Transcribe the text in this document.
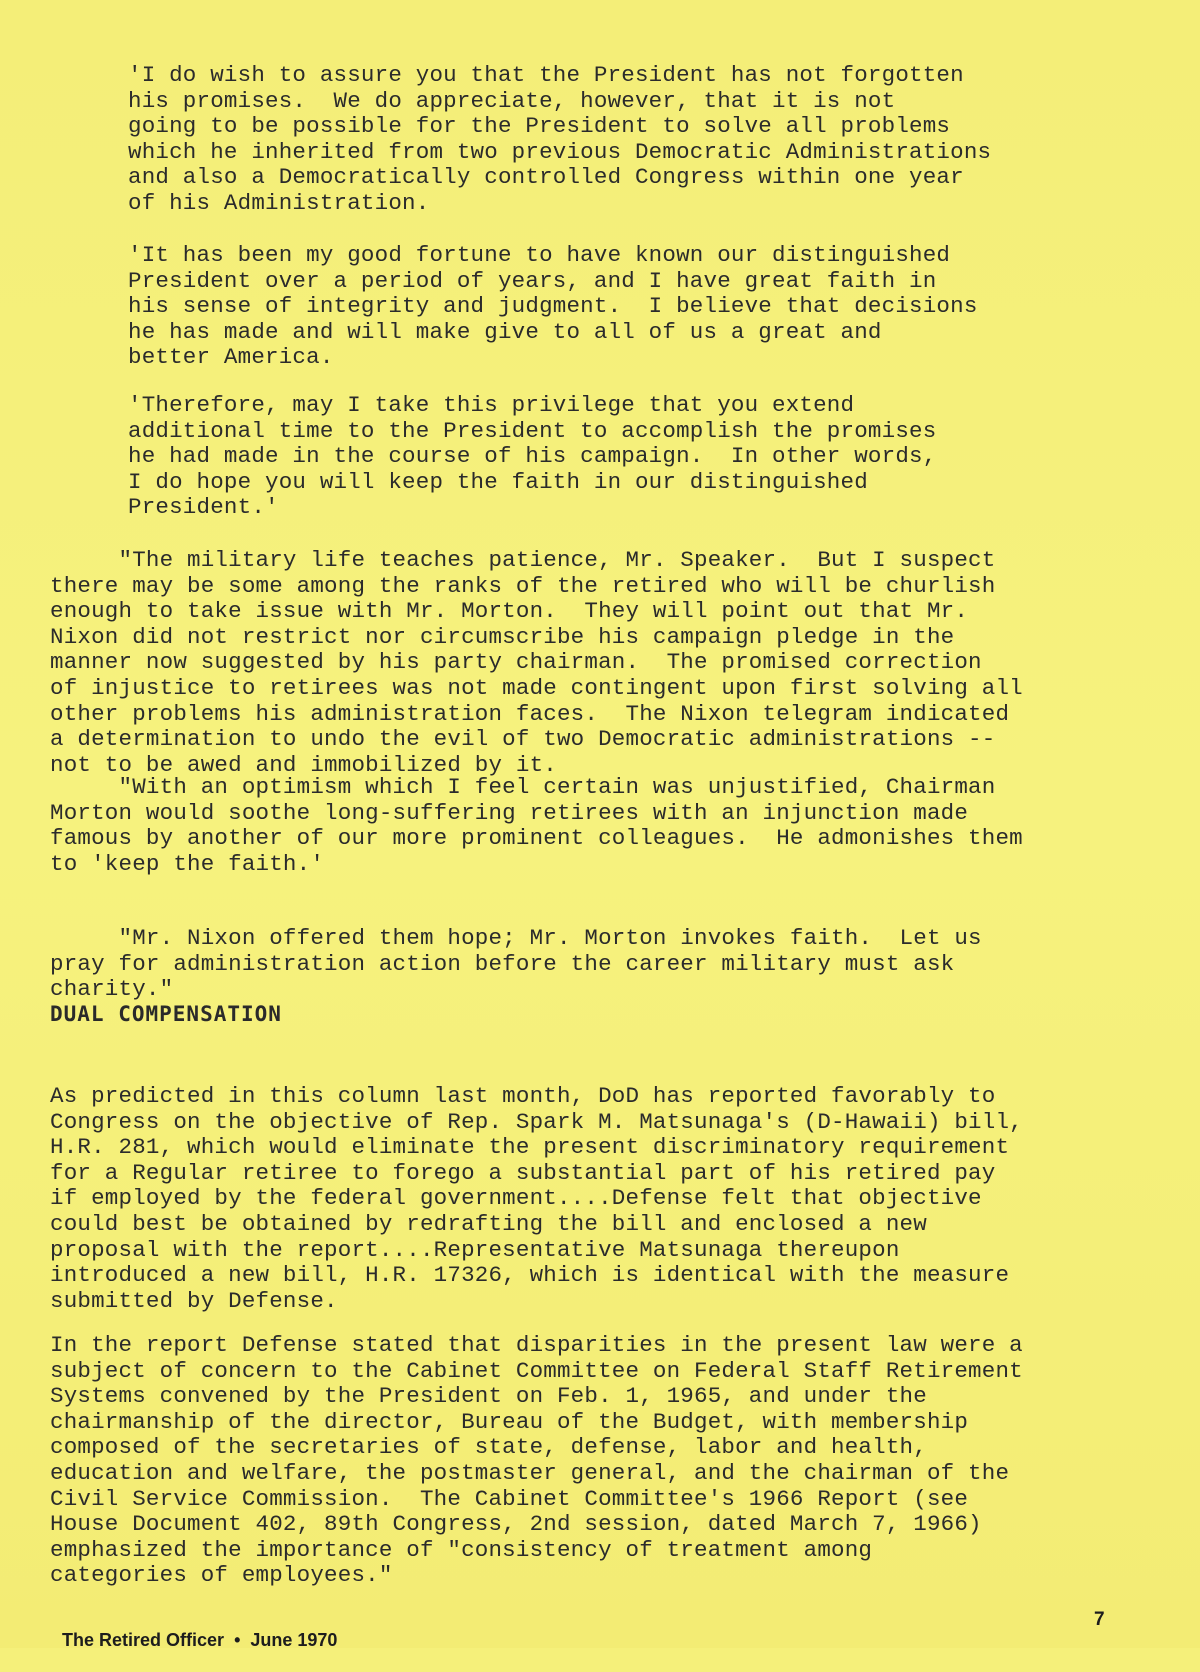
'I do wish to assure you that the President has not forgotten
his promises.  We do appreciate, however, that it is not
going to be possible for the President to solve all problems
which he inherited from two previous Democratic Administrations
and also a Democratically controlled Congress within one year
of his Administration.

'It has been my good fortune to have known our distinguished
President over a period of years, and I have great faith in
his sense of integrity and judgment.  I believe that decisions
he has made and will make give to all of us a great and
better America.

'Therefore, may I take this privilege that you extend
additional time to the President to accomplish the promises
he had made in the course of his campaign.  In other words,
I do hope you will keep the faith in our distinguished
President.'

"The military life teaches patience, Mr. Speaker.  But I suspect
there may be some among the ranks of the retired who will be churlish
enough to take issue with Mr. Morton.  They will point out that Mr.
Nixon did not restrict nor circumscribe his campaign pledge in the
manner now suggested by his party chairman.  The promised correction
of injustice to retirees was not made contingent upon first solving all
other problems his administration faces.  The Nixon telegram indicated
a determination to undo the evil of two Democratic administrations --
not to be awed and immobilized by it.

"With an optimism which I feel certain was unjustified, Chairman
Morton would soothe long-suffering retirees with an injunction made
famous by another of our more prominent colleagues.  He admonishes them
to 'keep the faith.'

"Mr. Nixon offered them hope; Mr. Morton invokes faith.  Let us
pray for administration action before the career military must ask
charity."

DUAL COMPENSATION

As predicted in this column last month, DoD has reported favorably to
Congress on the objective of Rep. Spark M. Matsunaga's (D-Hawaii) bill,
H.R. 281, which would eliminate the present discriminatory requirement
for a Regular retiree to forego a substantial part of his retired pay
if employed by the federal government....Defense felt that objective
could best be obtained by redrafting the bill and enclosed a new
proposal with the report....Representative Matsunaga thereupon
introduced a new bill, H.R. 17326, which is identical with the measure
submitted by Defense.

In the report Defense stated that disparities in the present law were a
subject of concern to the Cabinet Committee on Federal Staff Retirement
Systems convened by the President on Feb. 1, 1965, and under the
chairmanship of the director, Bureau of the Budget, with membership
composed of the secretaries of state, defense, labor and health,
education and welfare, the postmaster general, and the chairman of the
Civil Service Commission.  The Cabinet Committee's 1966 Report (see
House Document 402, 89th Congress, 2nd session, dated March 7, 1966)
emphasized the importance of "consistency of treatment among
categories of employees."

The Retired Officer • June 1970

7
